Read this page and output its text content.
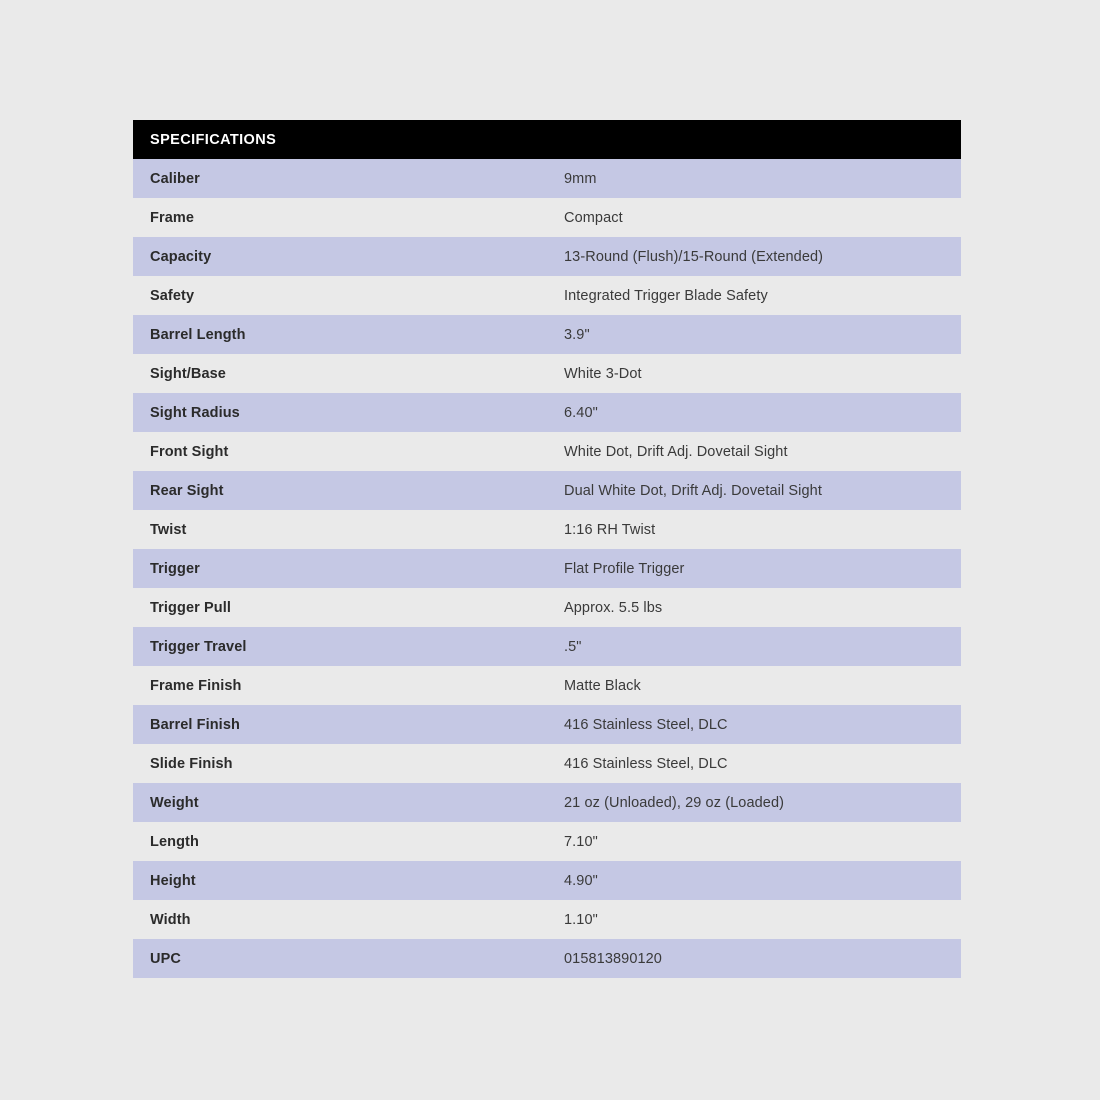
SPECIFICATIONS	
Caliber	9mm
Frame	Compact
Capacity	13-Round (Flush)/15-Round (Extended)
Safety	Integrated Trigger Blade Safety
Barrel Length	3.9"
Sight/Base	White 3-Dot
Sight Radius	6.40"
Front Sight	White Dot, Drift Adj. Dovetail Sight
Rear Sight	Dual White Dot, Drift Adj. Dovetail Sight
Twist	1:16 RH Twist
Trigger	Flat Profile Trigger
Trigger Pull	Approx. 5.5 lbs
Trigger Travel	.5"
Frame Finish	Matte Black
Barrel Finish	416 Stainless Steel, DLC
Slide Finish	416 Stainless Steel, DLC
Weight	21 oz (Unloaded), 29 oz (Loaded)
Length	7.10"
Height	4.90"
Width	1.10"
UPC	015813890120
